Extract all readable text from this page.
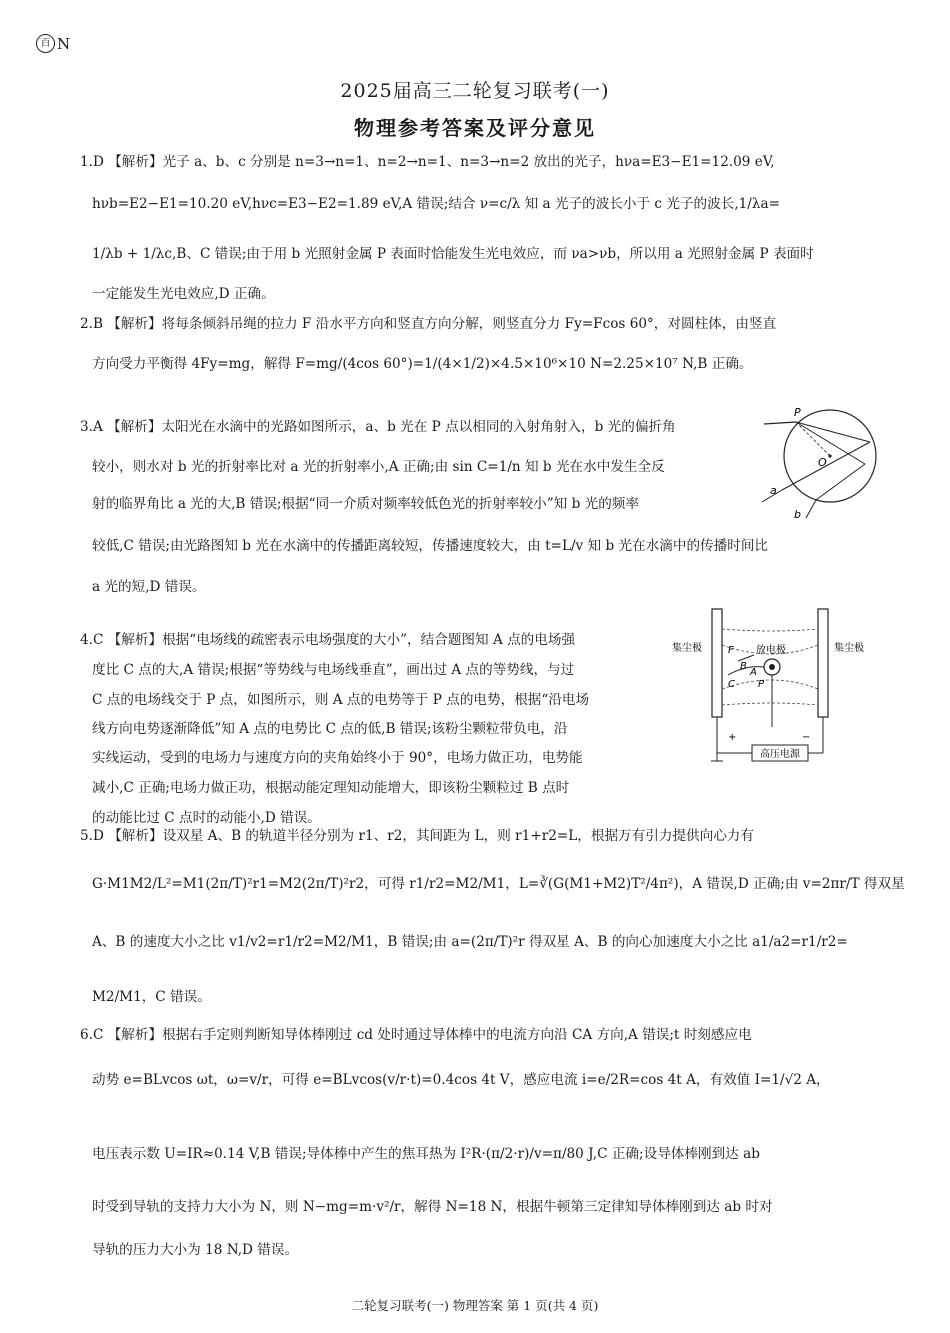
百 N
2025届高三二轮复习联考(一)
物理参考答案及评分意见
1.D 【解析】光子 a、b、c 分别是 n=3→n=1、n=2→n=1、n=3→n=2 放出的光子，hνa=E3−E1=12.09 eV,
hνb=E2−E1=10.20 eV,hνc=E3−E2=1.89 eV,A 错误;结合 ν=c/λ 知 a 光子的波长小于 c 光子的波长,1/λa=
1/λb + 1/λc,B、C 错误;由于用 b 光照射金属 P 表面时恰能发生光电效应，而 νa>νb，所以用 a 光照射金属 P 表面时
一定能发生光电效应,D 正确。
2.B 【解析】将每条倾斜吊绳的拉力 F 沿水平方向和竖直方向分解，则竖直分力 Fy=Fcos 60°，对圆柱体，由竖直
方向受力平衡得 4Fy=mg，解得 F=mg/(4cos 60°)=1/(4×1/2)×4.5×10⁶×10 N=2.25×10⁷ N,B 正确。
3.A 【解析】太阳光在水滴中的光路如图所示，a、b 光在 P 点以相同的入射角射入，b 光的偏折角
较小，则水对 b 光的折射率比对 a 光的折射率小,A 正确;由 sin C=1/n 知 b 光在水中发生全反
射的临界角比 a 光的大,B 错误;根据“同一介质对频率较低色光的折射率较小”知 b 光的频率
较低,C 错误;由光路图知 b 光在水滴中的传播距离较短，传播速度较大，由 t=L/v 知 b 光在水滴中的传播时间比
a 光的短,D 错误。
P
O
a
b
4.C 【解析】根据“电场线的疏密表示电场强度的大小”，结合题图知 A 点的电场强
度比 C 点的大,A 错误;根据“等势线与电场线垂直”，画出过 A 点的等势线，与过
C 点的电场线交于 P 点，如图所示，则 A 点的电势等于 P 点的电势，根据“沿电场
线方向电势逐渐降低”知 A 点的电势比 C 点的低,B 错误;该粉尘颗粒带负电，沿
实线运动，受到的电场力与速度方向的夹角始终小于 90°，电场力做正功，电势能
减小,C 正确;电场力做正功，根据动能定理知动能增大，即该粉尘颗粒过 B 点时
的动能比过 C 点时的动能小,D 错误。
高压电源
+	−
集尘极	集尘极
放电极
F
B
A
C P
5.D 【解析】设双星 A、B 的轨道半径分别为 r1、r2，其间距为 L，则 r1+r2=L，根据万有引力提供向心力有
G·M1M2/L²=M1(2π/T)²r1=M2(2π/T)²r2，可得 r1/r2=M2/M1，L=∛(G(M1+M2)T²/4π²)，A 错误,D 正确;由 v=2πr/T 得双星
A、B 的速度大小之比 v1/v2=r1/r2=M2/M1，B 错误;由 a=(2π/T)²r 得双星 A、B 的向心加速度大小之比 a1/a2=r1/r2=
M2/M1，C 错误。
6.C 【解析】根据右手定则判断知导体棒刚过 cd 处时通过导体棒中的电流方向沿 CA 方向,A 错误;t 时刻感应电
动势 e=BLvcos ωt，ω=v/r，可得 e=BLvcos(v/r·t)=0.4cos 4t V，感应电流 i=e/2R=cos 4t A，有效值 I=1/√2 A，
电压表示数 U=IR≈0.14 V,B 错误;导体棒中产生的焦耳热为 I²R·(π/2·r)/v=π/80 J,C 正确;设导体棒刚到达 ab
时受到导轨的支持力大小为 N，则 N−mg=m·v²/r，解得 N=18 N，根据牛顿第三定律知导体棒刚到达 ab 时对
导轨的压力大小为 18 N,D 错误。
二轮复习联考(一) 物理答案 第 1 页(共 4 页)
